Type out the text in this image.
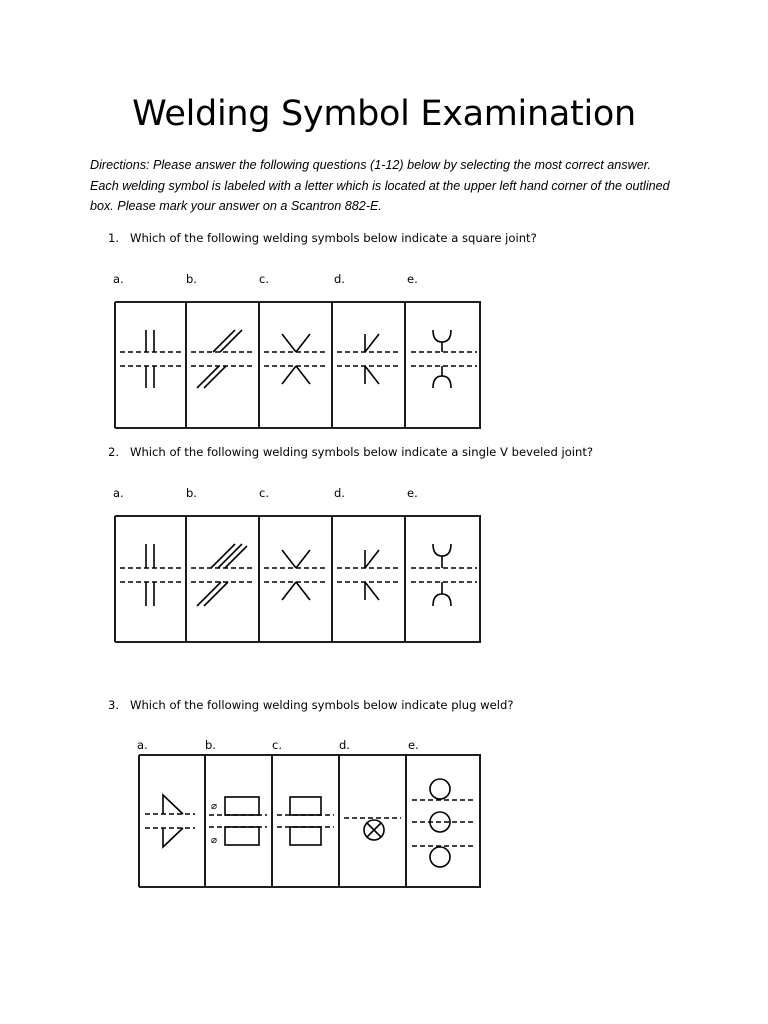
Welding Symbol Examination
Directions: Please answer the following questions (1-12) below by selecting the most correct answer.
Each welding symbol is labeled with a letter which is located at the upper left hand corner of the outlined
box. Please mark your answer on a Scantron 882-E.
1. Which of the following welding symbols below indicate a square joint?
a.	b.	c.	d.	e.
2. Which of the following welding symbols below indicate a single V beveled joint?
a.	b.	c.	d.	e.
3. Which of the following welding symbols below indicate plug weld?
a.	b.	c.	d.	e.
⌀
⌀
